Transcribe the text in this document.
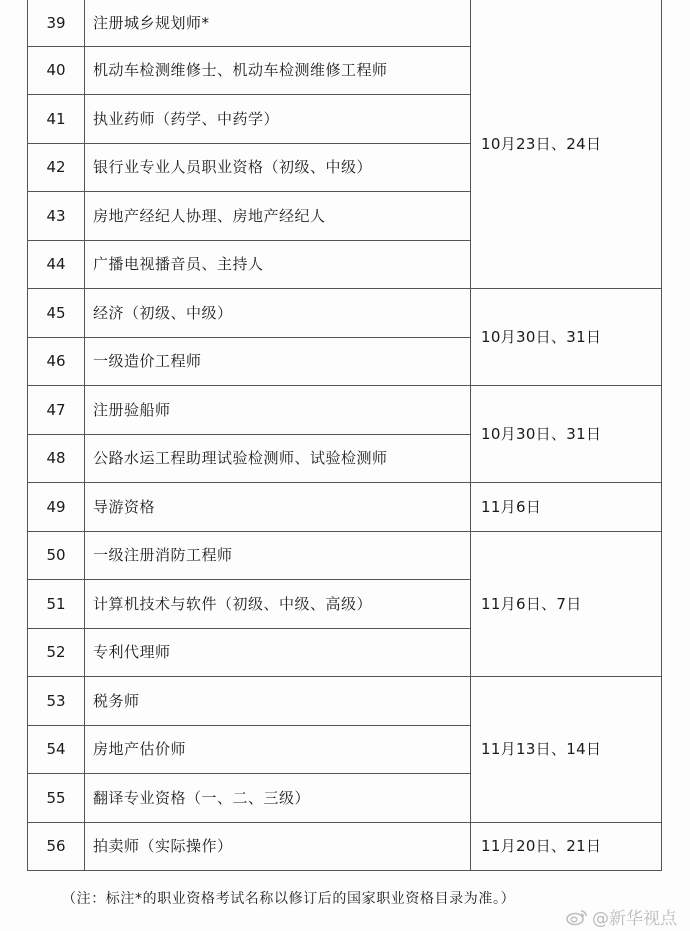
39	注册城乡规划师*	10月23日、24日
40	机动车检测维修士、机动车检测维修工程师	
41	执业药师（药学、中药学）	
42	银行业专业人员职业资格（初级、中级）	
43	房地产经纪人协理、房地产经纪人	
44	广播电视播音员、主持人	
45	经济（初级、中级）	10月30日、31日
46	一级造价工程师	
47	注册验船师	10月30日、31日
48	公路水运工程助理试验检测师、试验检测师	
49	导游资格	11月6日
50	一级注册消防工程师	11月6日、7日
51	计算机技术与软件（初级、中级、高级）	
52	专利代理师	
53	税务师	11月13日、14日
54	房地产估价师	
55	翻译专业资格（一、二、三级）	
56	拍卖师（实际操作）	11月20日、21日
（注：标注*的职业资格考试名称以修订后的国家职业资格目录为准。）
@新华视点
